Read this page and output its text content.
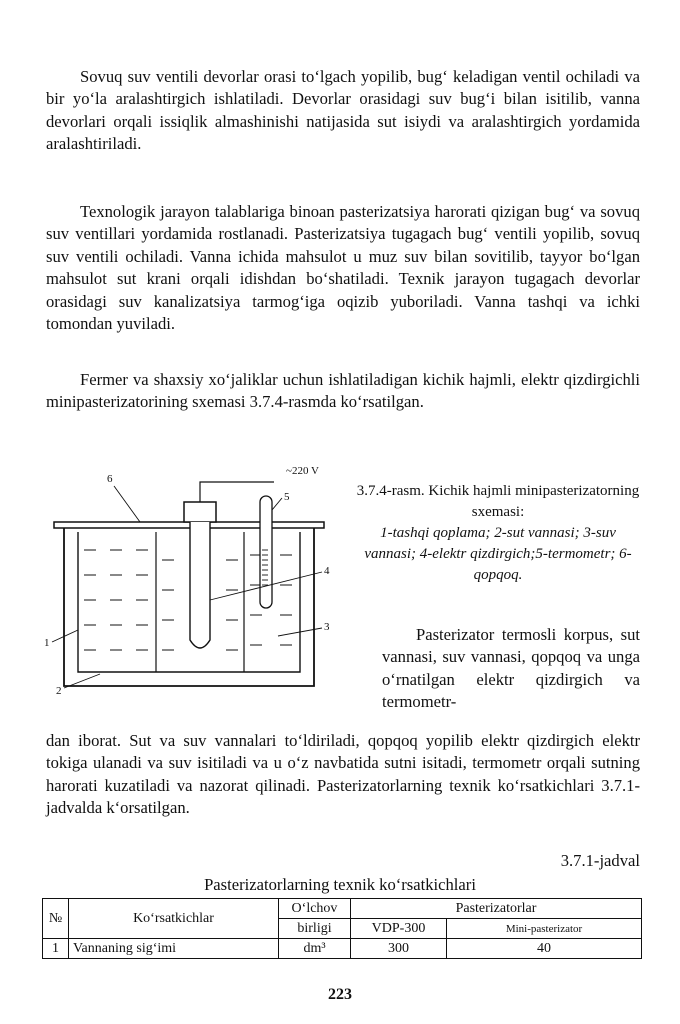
Sovuq suv ventili devorlar orasi to‘lgach yopilib, bug‘ keladigan ventil ochiladi va bir yo‘la aralashtirgich ishlatiladi. Devorlar orasidagi suv bug‘i bilan isitilib, vanna devorlari orqali issiqlik almashinishi natijasida sut isiydi va aralashtirgich yordamida aralashtiriladi.

Texnologik jarayon talablariga binoan pasterizatsiya harorati qizigan bug‘ va sovuq suv ventillari yordamida rostlanadi. Pasterizatsiya tugagach bug‘ ventili yopilib, sovuq suv ventili ochiladi. Vanna ichida mahsulot u muz suv bilan sovitilib, tayyor bo‘lgan mahsulot sut krani orqali idishdan bo‘shatiladi. Texnik jarayon tugagach devorlar orasidagi suv kanalizatsiya tarmog‘iga oqizib yuboriladi. Vanna tashqi va ichki tomondan yuviladi.

Fermer va shaxsiy xo‘jaliklar uchun ishlatiladigan kichik hajmli, elektr qizdirgichli minipasterizatorining sxemasi 3.7.4-rasmda ko‘rsatilgan.

~220 V
6
5
4
3
1
2
3.7.4-rasm. Kichik hajmli minipasterizatorning sxemasi:
1-tashqi qoplama; 2-sut vannasi; 3-suv vannasi; 4-elektr qizdirgich;5-termometr; 6-qopqoq.

Pasterizator termosli korpus, sut vannasi, suv vannasi, qopqoq va unga o‘rnatilgan elektr qizdirgich va termometr-

dan iborat. Sut va suv vannalari to‘ldiriladi, qopqoq yopilib elektr qizdirgich elektr tokiga ulanadi va suv isitiladi va u o‘z navbatida sutni isitadi, termometr orqali sutning harorati kuzatiladi va nazorat qilinadi. Pasterizatorlarning texnik ko‘rsatkichlari 3.7.1-jadvalda k‘orsatilgan.

3.7.1-jadval
Pasterizatorlarning texnik ko‘rsatkichlari
№	Ko‘rsatkichlar	O‘lchov	Pasterizatorlar	
		birligi	VDP-300	Mini-pasterizator
1	Vannaning sig‘imi	dm³	300	40
223
